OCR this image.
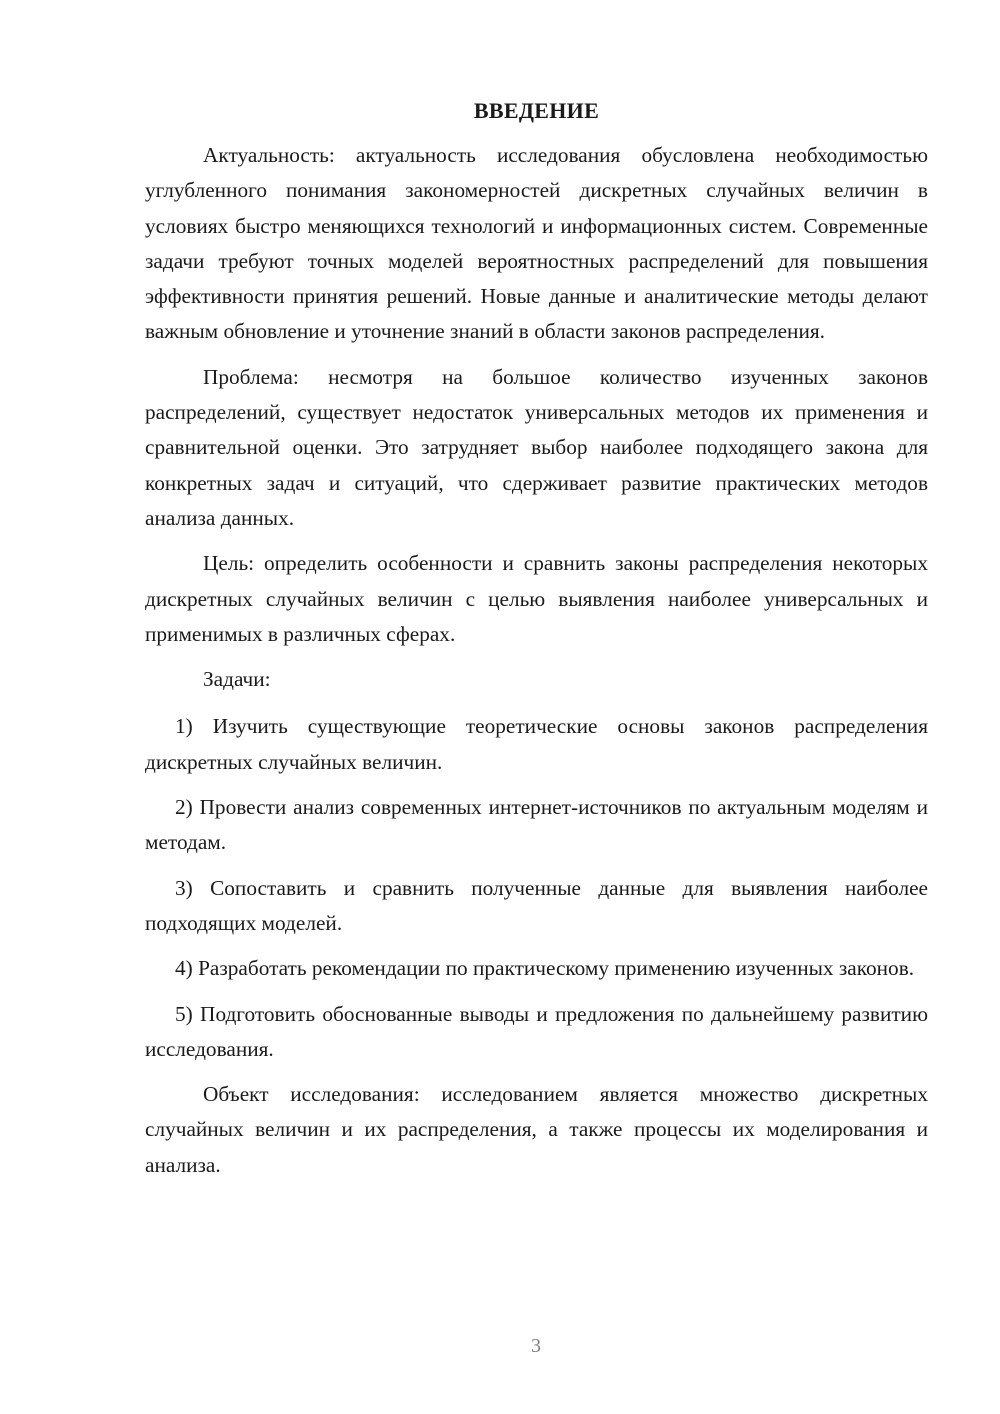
ВВЕДЕНИЕ

Актуальность: актуальность исследования обусловлена необходимостью углубленного понимания закономерностей дискретных случайных величин в условиях быстро меняющихся технологий и информационных систем. Современные задачи требуют точных моделей вероятностных распределений для повышения эффективности принятия решений. Новые данные и аналитические методы делают важным обновление и уточнение знаний в области законов распределения.

Проблема: несмотря на большое количество изученных законов распределений, существует недостаток универсальных методов их применения и сравнительной оценки. Это затрудняет выбор наиболее подходящего закона для конкретных задач и ситуаций, что сдерживает развитие практических методов анализа данных.

Цель: определить особенности и сравнить законы распределения некоторых дискретных случайных величин с целью выявления наиболее универсальных и применимых в различных сферах.

Задачи:

1) Изучить существующие теоретические основы законов распределения дискретных случайных величин.

2) Провести анализ современных интернет-источников по актуальным моделям и методам.

3) Сопоставить и сравнить полученные данные для выявления наиболее подходящих моделей.

4) Разработать рекомендации по практическому применению изученных законов.

5) Подготовить обоснованные выводы и предложения по дальнейшему развитию исследования.

Объект исследования: исследованием является множество дискретных случайных величин и их распределения, а также процессы их моделирования и анализа.

3
